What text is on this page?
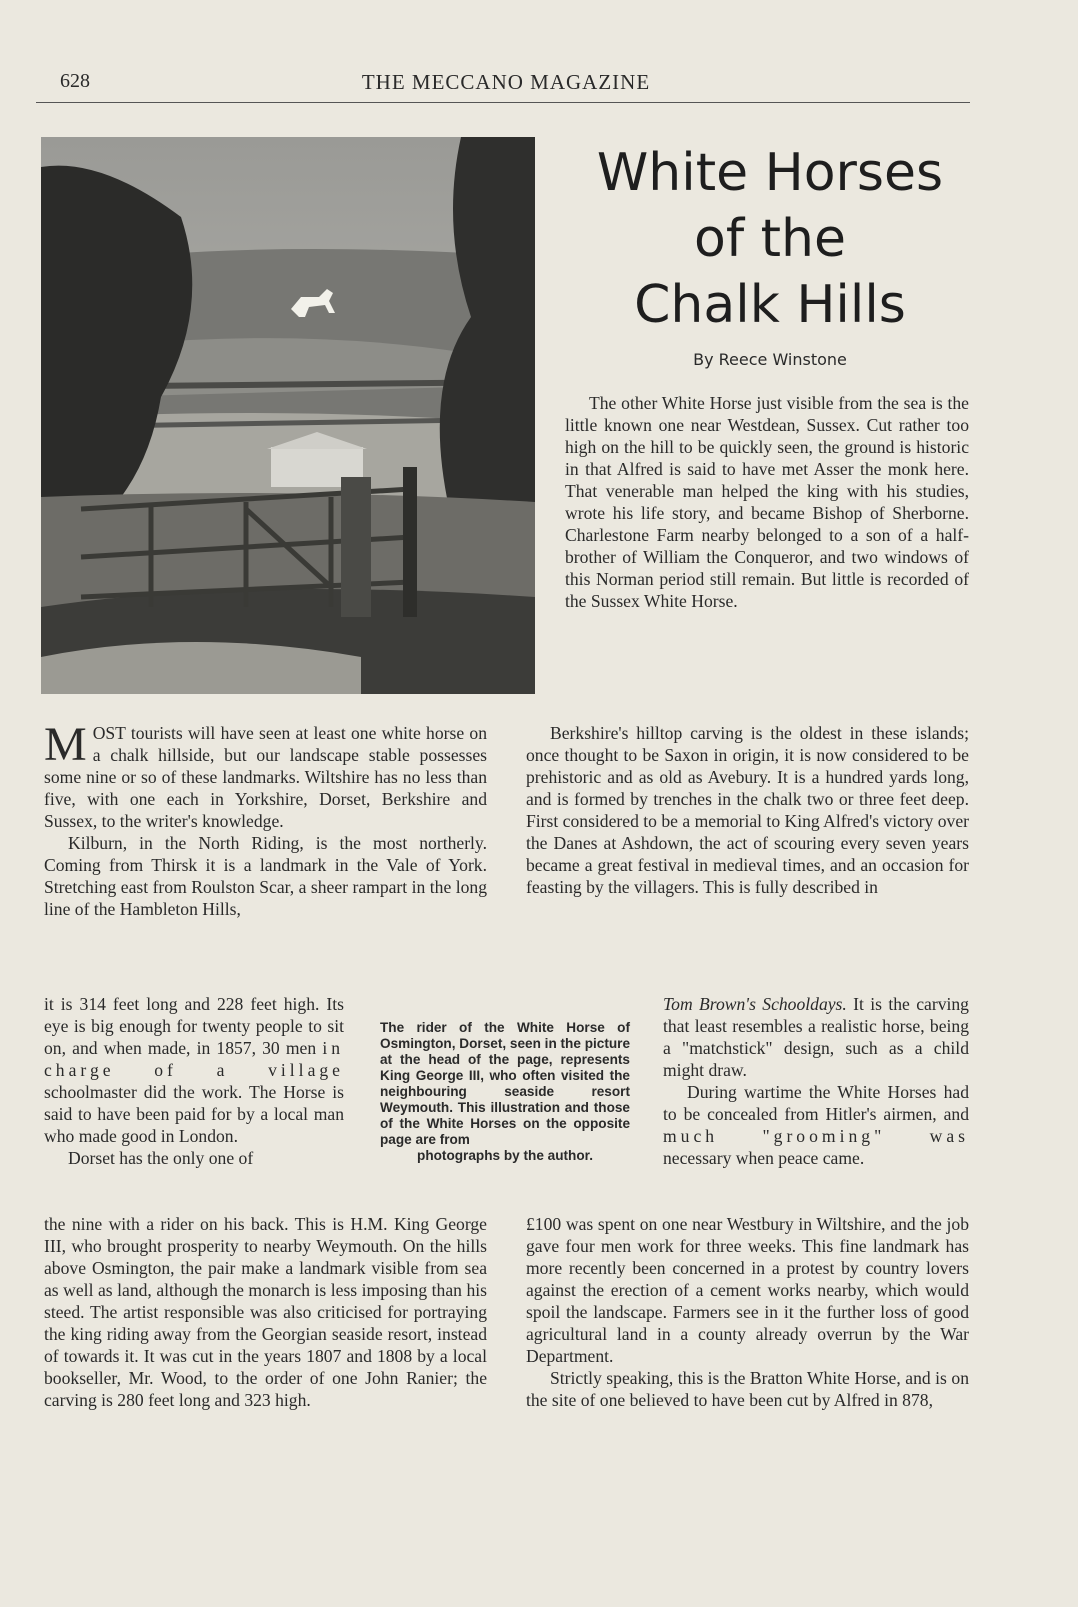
628	THE MECCANO MAGAZINE
White Horses
of the
Chalk Hills
By Reece Winstone

The other White Horse just visible from the sea is the little known one near Westdean, Sussex. Cut rather too high on the hill to be quickly seen, the ground is historic in that Alfred is said to have met Asser the monk here. That venerable man helped the king with his studies, wrote his life story, and became Bishop of Sherborne. Charlestone Farm nearby belonged to a son of a half-brother of William the Conqueror, and two windows of this Norman period still remain. But little is recorded of the Sussex White Horse.

Berkshire's hilltop carving is the oldest in these islands; once thought to be Saxon in origin, it is now considered to be prehistoric and as old as Avebury. It is a hundred yards long, and is formed by trenches in the chalk two or three feet deep. First considered to be a memorial to King Alfred's victory over the Danes at Ashdown, the act of scouring every seven years became a great festival in medieval times, and an occasion for feasting by the villagers. This is fully described in

Tom Brown's Schooldays. It is the carving that least resembles a realistic horse, being a "matchstick" design, such as a child might draw.

During wartime the White Horses had to be concealed from Hitler's airmen, and much "grooming" was necessary when peace came.

£100 was spent on one near Westbury in Wiltshire, and the job gave four men work for three weeks. This fine landmark has more recently been concerned in a protest by country lovers against the erection of a cement works nearby, which would spoil the landscape. Farmers see in it the further loss of good agricultural land in a county already overrun by the War Department.

Strictly speaking, this is the Bratton White Horse, and is on the site of one believed to have been cut by Alfred in 878,

MOST tourists will have seen at least one white horse on a chalk hillside, but our landscape stable possesses some nine or so of these landmarks. Wiltshire has no less than five, with one each in Yorkshire, Dorset, Berkshire and Sussex, to the writer's knowledge.

Kilburn, in the North Riding, is the most northerly. Coming from Thirsk it is a landmark in the Vale of York. Stretching east from Roulston Scar, a sheer rampart in the long line of the Hambleton Hills,

it is 314 feet long and 228 feet high. Its eye is big enough for twenty people to sit on, and when made, in 1857, 30 men in charge of a village schoolmaster did the work. The Horse is said to have been paid for by a local man who made good in London.

Dorset has the only one of

the nine with a rider on his back. This is H.M. King George III, who brought prosperity to nearby Weymouth. On the hills above Osmington, the pair make a landmark visible from sea as well as land, although the monarch is less imposing than his steed. The artist responsible was also criticised for portraying the king riding away from the Georgian seaside resort, instead of towards it. It was cut in the years 1807 and 1808 by a local bookseller, Mr. Wood, to the order of one John Ranier; the carving is 280 feet long and 323 high.

The rider of the White Horse of Osmington, Dorset, seen in the picture at the head of the page, represents King George III, who often visited the neighbouring seaside resort Weymouth. This illustration and those of the White Horses on the opposite page are from
photographs by the author.
